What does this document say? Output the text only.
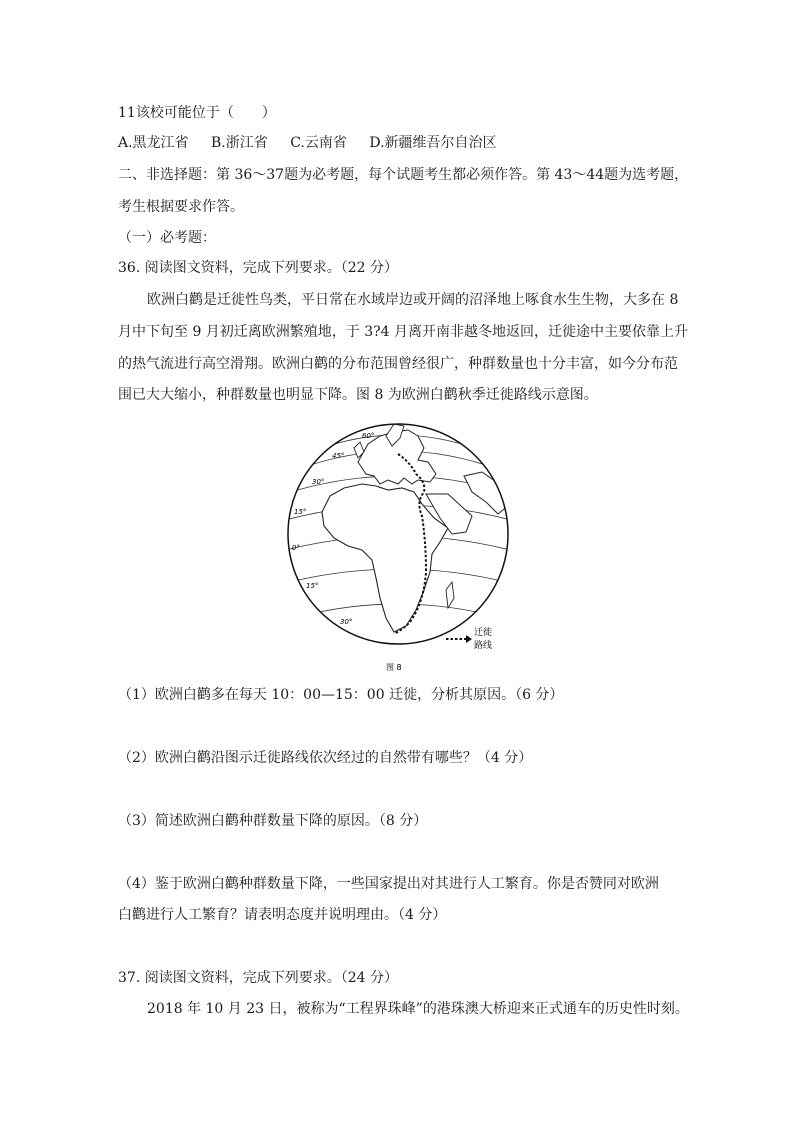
11该校可能位于（　　）
A.黑龙江省 B.浙江省 C.云南省 D.新疆维吾尔自治区
二、非选择题：第 36～37题为必考题，每个试题考生都必须作答。第 43～44题为选考题，
考生根据要求作答。
（一）必考题：
36. 阅读图文资料，完成下列要求。（22 分）
欧洲白鹳是迁徙性鸟类，平日常在水域岸边或开阔的沼泽地上啄食水生生物，大多在 8
月中下旬至 9 月初迁离欧洲繁殖地，于 3?4 月离开南非越冬地返回，迁徙途中主要依靠上升
的热气流进行高空滑翔。欧洲白鹳的分布范围曾经很广，种群数量也十分丰富，如今分布范
围已大大缩小，种群数量也明显下降。图 8 为欧洲白鹳秋季迁徙路线示意图。
60°
45°
30°
15°
0°
15°
30°
迁徙
路线
图 8
（1）欧洲白鹳多在每天 10：00—15：00 迁徙，分析其原因。（6 分）
（2）欧洲白鹳沿图示迁徙路线依次经过的自然带有哪些？（4 分）
（3）简述欧洲白鹳种群数量下降的原因。（8 分）
（4）鉴于欧洲白鹳种群数量下降，一些国家提出对其进行人工繁育。你是否赞同对欧洲
白鹳进行人工繁育？请表明态度并说明理由。（4 分）
37. 阅读图文资料，完成下列要求。（24 分）
2018 年 10 月 23 日，被称为“工程界珠峰”的港珠澳大桥迎来正式通车的历史性时刻。
